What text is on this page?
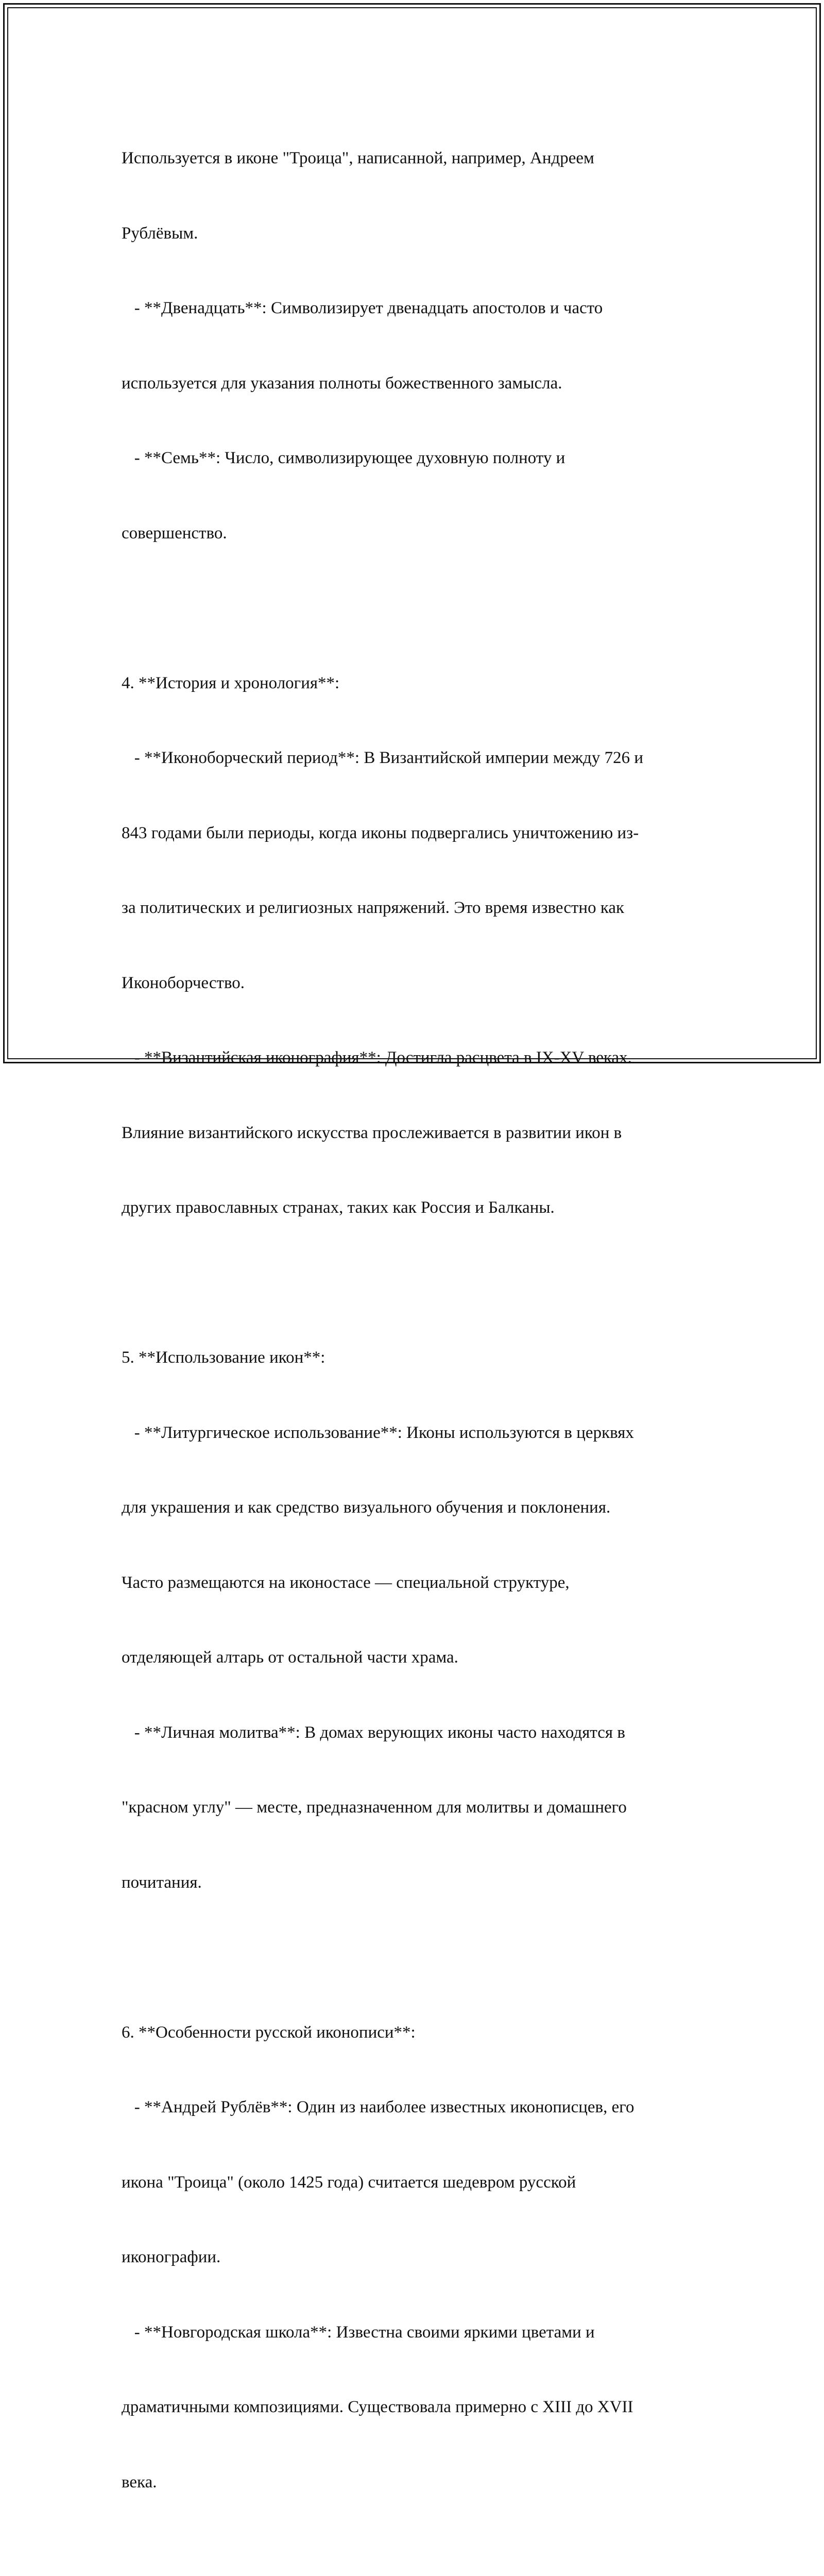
Используется в иконе "Троица", написанной, например, Андреем

Рублёвым.

- **Двенадцать**: Символизирует двенадцать апостолов и часто

используется для указания полноты божественного замысла.

- **Семь**: Число, символизирующее духовную полноту и

совершенство.

4. **История и хронология**:

- **Иконоборческий период**: В Византийской империи между 726 и

843 годами были периоды, когда иконы подвергались уничтожению из-

за политических и религиозных напряжений. Это время известно как

Иконоборчество.

- **Византийская иконография**: Достигла расцвета в IX-XV веках.

Влияние византийского искусства прослеживается в развитии икон в

других православных странах, таких как Россия и Балканы.

5. **Использование икон**:

- **Литургическое использование**: Иконы используются в церквях

для украшения и как средство визуального обучения и поклонения.

Часто размещаются на иконостасе — специальной структуре,

отделяющей алтарь от остальной части храма.

- **Личная молитва**: В домах верующих иконы часто находятся в

"красном углу" — месте, предназначенном для молитвы и домашнего

почитания.

6. **Особенности русской иконописи**:

- **Андрей Рублёв**: Один из наиболее известных иконописцев, его

икона "Троица" (около 1425 года) считается шедевром русской

иконографии.

- **Новгородская школа**: Известна своими яркими цветами и

драматичными композициями. Существовала примерно с XIII до XVII

века.
